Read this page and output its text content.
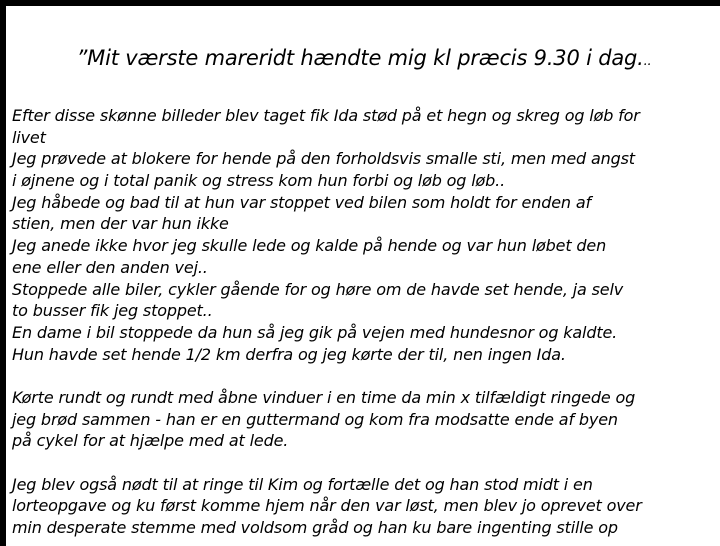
”Mit værste mareridt hændte mig kl præcis 9.30 i dag...
Efter disse skønne billeder blev taget fik Ida stød på et hegn og skreg og løb for
livet
Jeg prøvede at blokere for hende på den forholdsvis smalle sti, men med angst
i øjnene og i total panik og stress kom hun forbi og løb og løb..
Jeg håbede og bad til at hun var stoppet ved bilen som holdt for enden af
stien, men der var hun ikke
Jeg anede ikke hvor jeg skulle lede og kalde på hende og var hun løbet den
ene eller den anden vej..
Stoppede alle biler, cykler gående for og høre om de havde set hende, ja selv
to busser fik jeg stoppet..
En dame i bil stoppede da hun så jeg gik på vejen med hundesnor og kaldte.
Hun havde set hende 1/2 km derfra og jeg kørte der til, nen ingen Ida.
Kørte rundt og rundt med åbne vinduer i en time da min x tilfældigt ringede og
jeg brød sammen - han er en guttermand og kom fra modsatte ende af byen
på cykel for at hjælpe med at lede.
Jeg blev også nødt til at ringe til Kim og fortælle det og han stod midt i en
lorteopgave og ku først komme hjem når den var løst, men blev jo oprevet over
min desperate stemme med voldsom gråd og han ku bare ingenting stille op
